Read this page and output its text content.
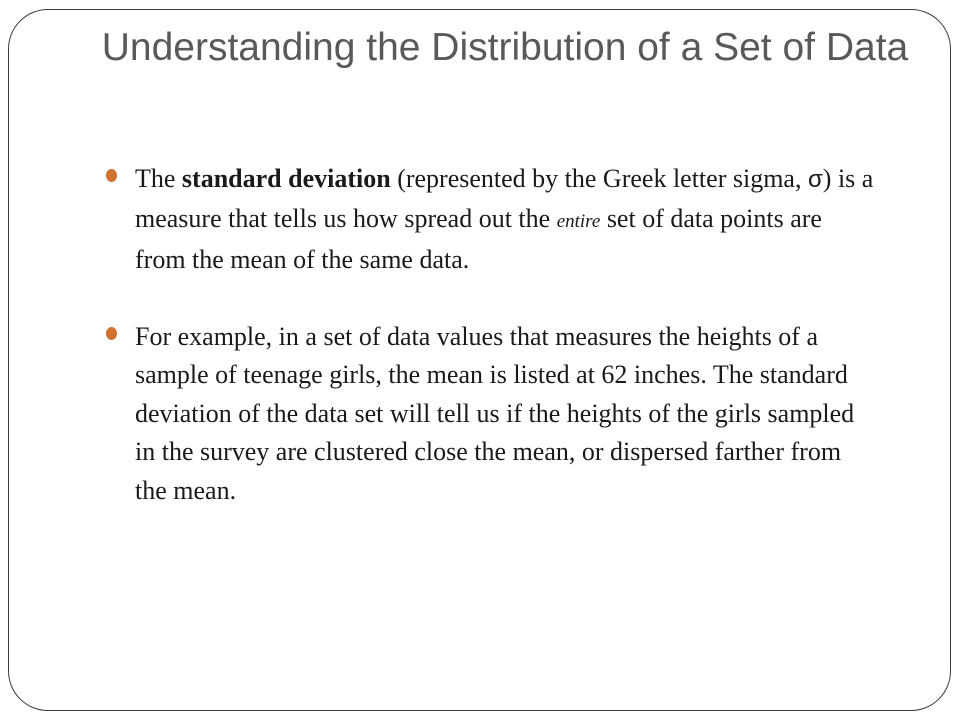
Understanding the Distribution of a Set of Data
The standard deviation (represented by the Greek letter sigma, σ) is a measure that tells us how spread out the entire set of data points are from the mean of the same data.
For example, in a set of data values that measures the heights of a sample of teenage girls, the mean is listed at 62 inches. The standard deviation of the data set will tell us if the heights of the girls sampled in the survey are clustered close the mean, or dispersed farther from the mean.
